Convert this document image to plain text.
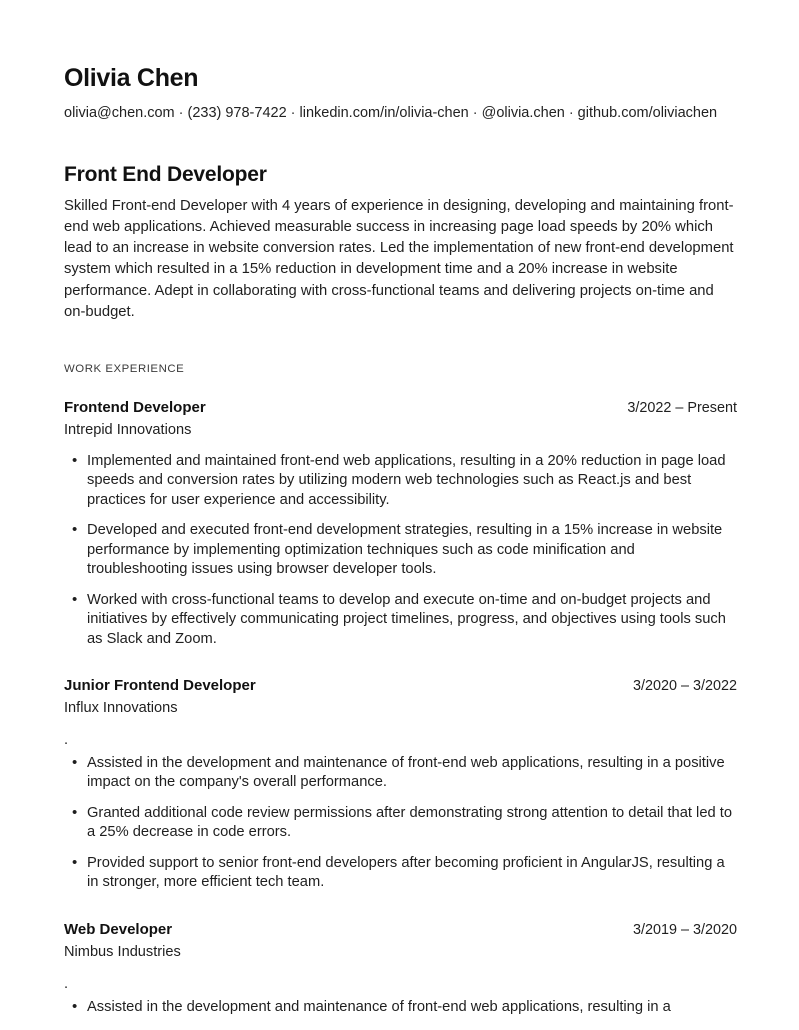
Olivia Chen

olivia@chen.com · (233) 978-7422 · linkedin.com/in/olivia-chen · @olivia.chen · github.com/oliviachen

Front End Developer

Skilled Front-end Developer with 4 years of experience in designing, developing and maintaining front-end web applications. Achieved measurable success in increasing page load speeds by 20% which lead to an increase in website conversion rates. Led the implementation of new front-end development system which resulted in a 15% reduction in development time and a 20% increase in website performance. Adept in collaborating with cross-functional teams and delivering projects on-time and on-budget.

WORK EXPERIENCE
Frontend Developer	3/2022 – Present

Intrepid Innovations

• Implemented and maintained front-end web applications, resulting in a 20% reduction in page load speeds and conversion rates by utilizing modern web technologies such as React.js and best practices for user experience and accessibility.
• Developed and executed front-end development strategies, resulting in a 15% increase in website performance by implementing optimization techniques such as code minification and troubleshooting issues using browser developer tools.
• Worked with cross-functional teams to develop and execute on-time and on-budget projects and initiatives by effectively communicating project timelines, progress, and objectives using tools such as Slack and Zoom.
Junior Frontend Developer	3/2020 – 3/2022

Influx Innovations

.

• Assisted in the development and maintenance of front-end web applications, resulting in a positive impact on the company's overall performance.
• Granted additional code review permissions after demonstrating strong attention to detail that led to a 25% decrease in code errors.
• Provided support to senior front-end developers after becoming proficient in AngularJS, resulting a in stronger, more efficient tech team.
Web Developer	3/2019 – 3/2020

Nimbus Industries

.

• Assisted in the development and maintenance of front-end web applications, resulting in a
